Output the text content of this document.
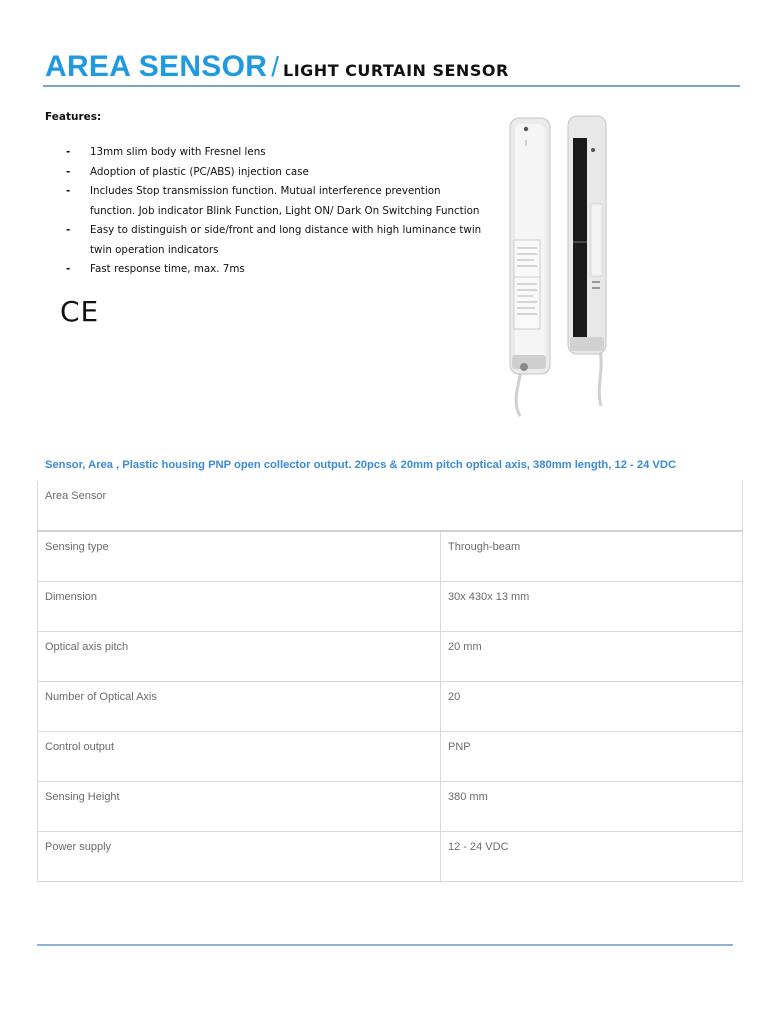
AREA SENSOR / LIGHT CURTAIN SENSOR
Features:
- 13mm slim body with Fresnel lens
- Adoption of plastic (PC/ABS) injection case
- Includes Stop transmission function. Mutual interference prevention function. Job indicator Blink Function, Light ON/ Dark On Switching Function
- Easy to distinguish or side/front and long distance with high luminance twin twin operation indicators
- Fast response time, max. 7ms
CE
Sensor, Area , Plastic housing PNP open collector output. 20pcs & 20mm pitch optical axis, 380mm length, 12 - 24 VDC
Area Sensor	
Sensing type	Through-beam
Dimension	30x 430x 13 mm
Optical axis pitch	20 mm
Number of Optical Axis	20
Control output	PNP
Sensing Height	380 mm
Power supply	12 - 24 VDC
